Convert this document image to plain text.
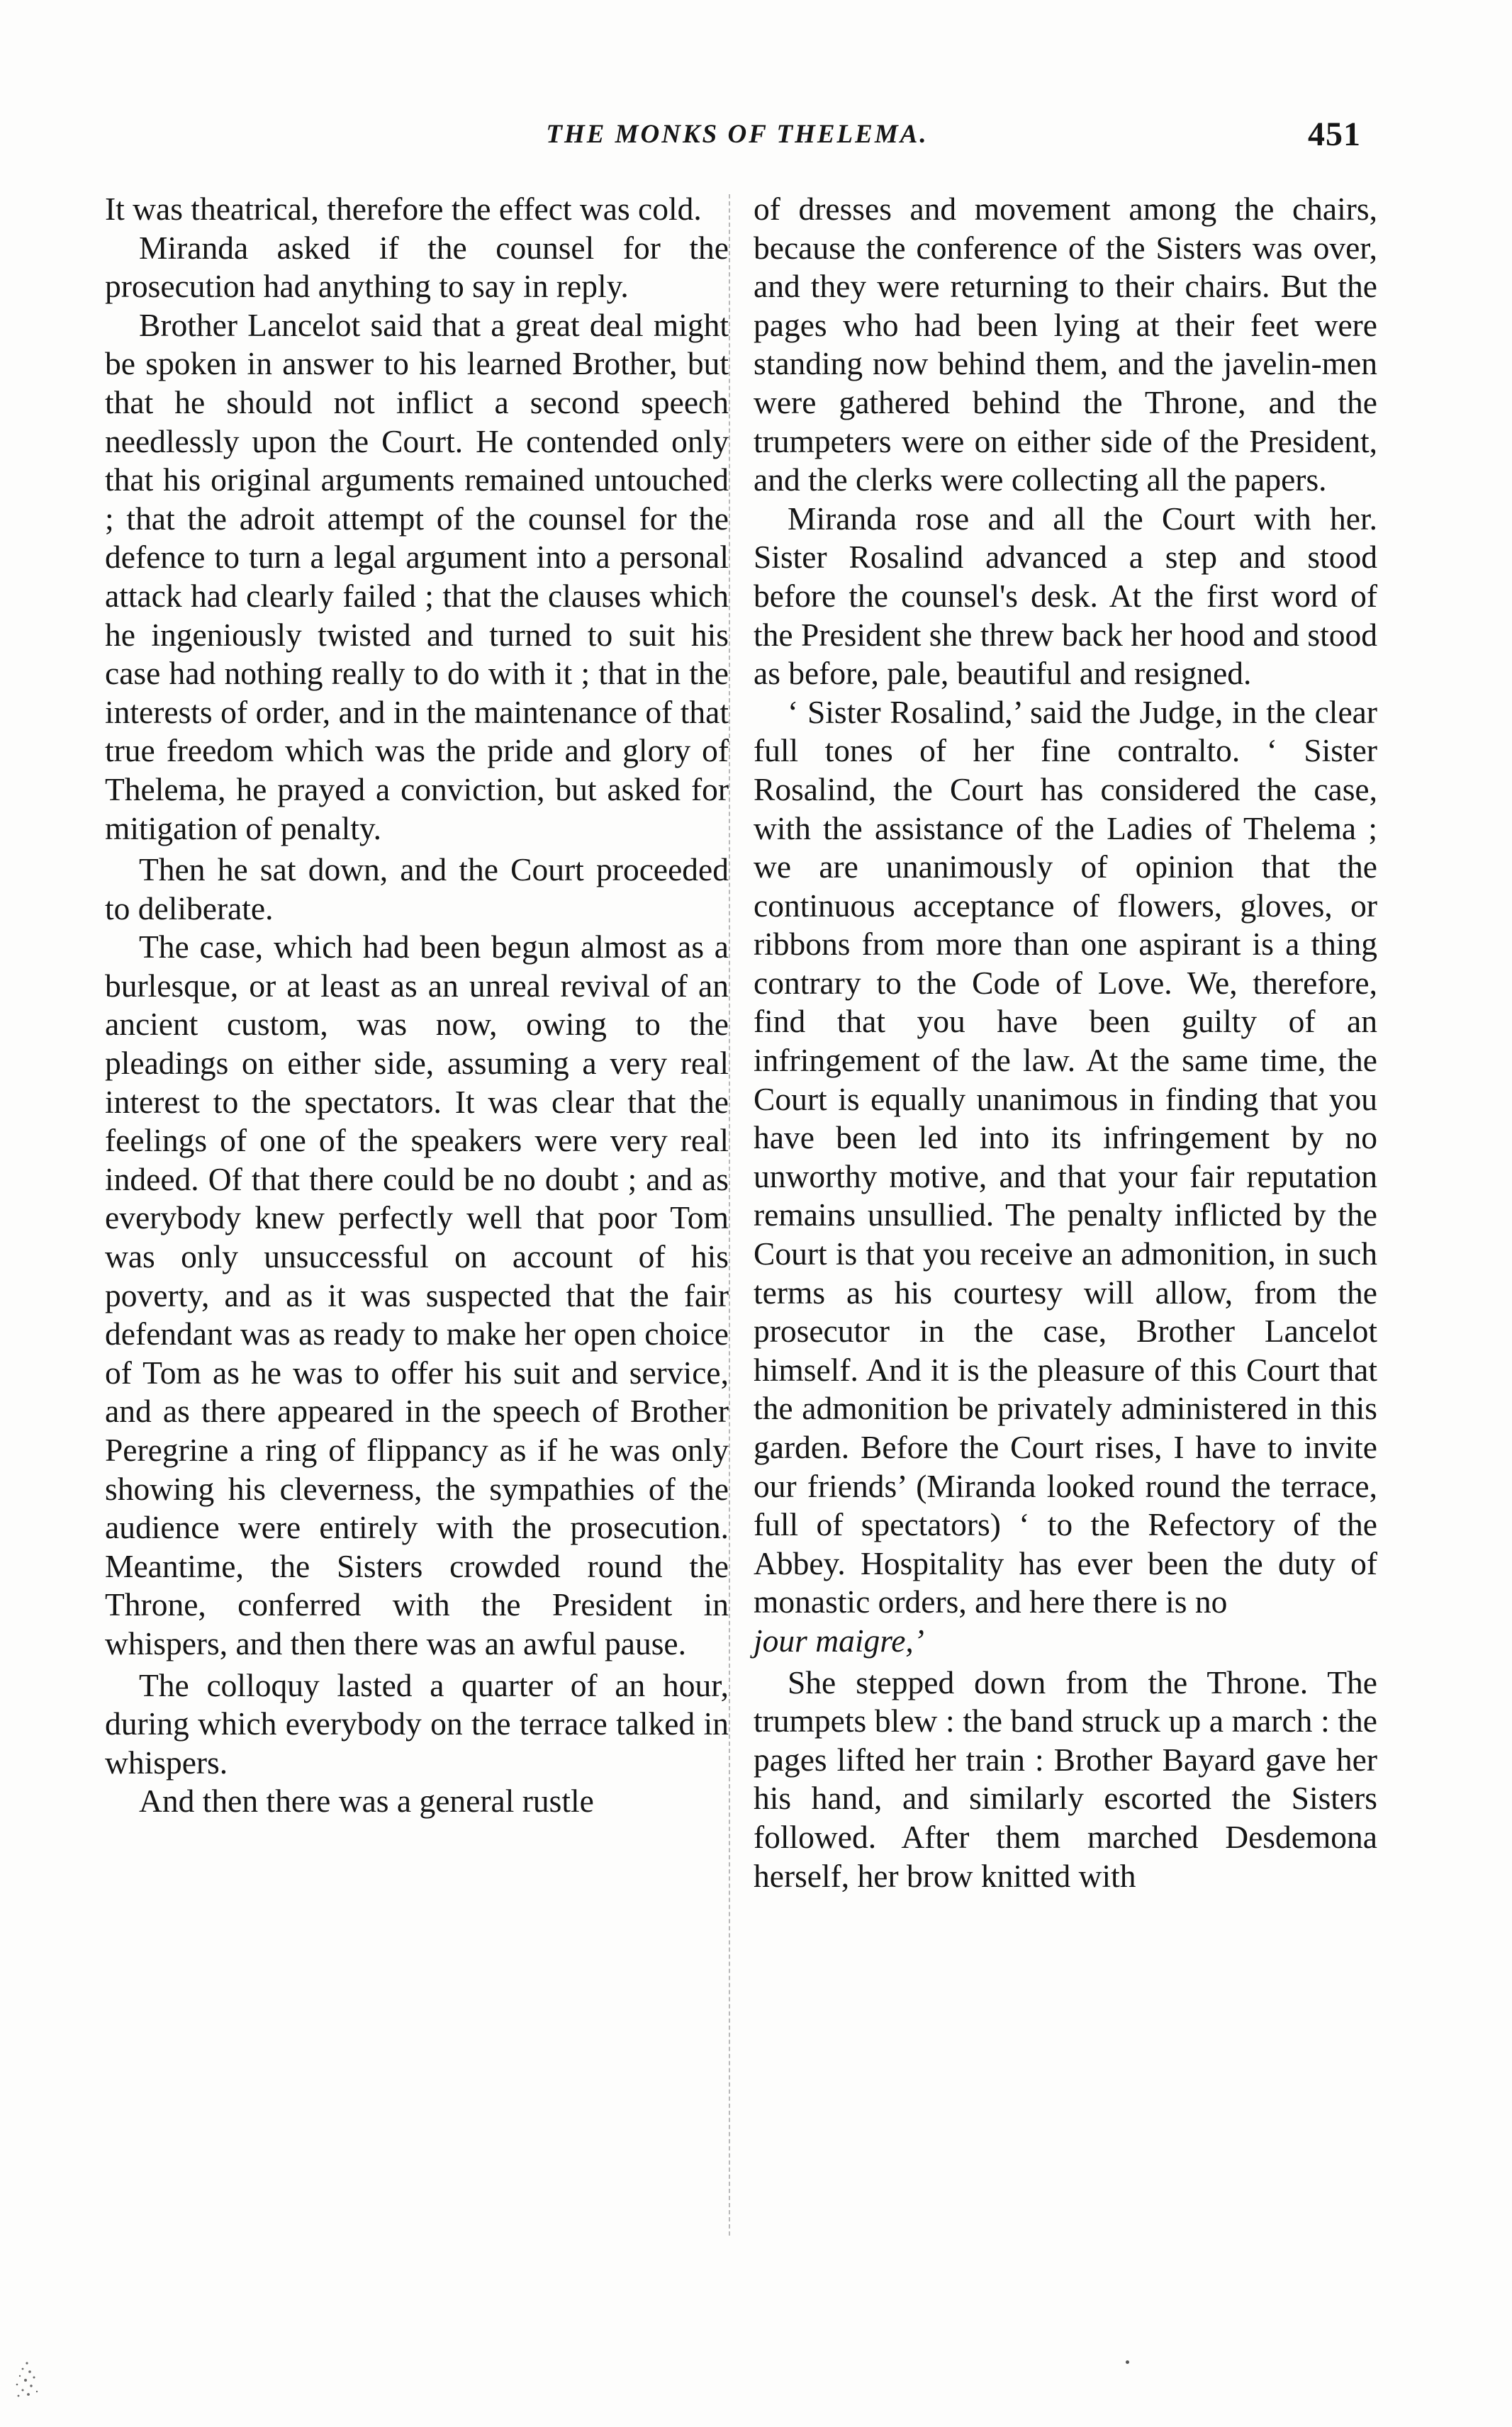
THE MONKS OF THELEMA.	451

It was theatrical, therefore the effect was cold.

Miranda asked if the counsel for the prosecution had anything to say in reply.

Brother Lancelot said that a great deal might be spoken in answer to his learned Brother, but that he should not inflict a second speech needlessly upon the Court. He contended only that his original arguments remained untouched ; that the adroit attempt of the counsel for the defence to turn a legal argument into a personal attack had clearly failed ; that the clauses which he ingeniously twisted and turned to suit his case had nothing really to do with it ; that in the interests of order, and in the maintenance of that true freedom which was the pride and glory of Thelema, he prayed a conviction, but asked for mitigation of penalty.

Then he sat down, and the Court proceeded to deliberate.

The case, which had been begun almost as a burlesque, or at least as an unreal revival of an ancient custom, was now, owing to the pleadings on either side, assuming a very real interest to the spectators. It was clear that the feelings of one of the speakers were very real indeed. Of that there could be no doubt ; and as everybody knew perfectly well that poor Tom was only unsuccessful on account of his poverty, and as it was suspected that the fair defendant was as ready to make her open choice of Tom as he was to offer his suit and service, and as there appeared in the speech of Brother Peregrine a ring of flippancy as if he was only showing his cleverness, the sympathies of the audience were entirely with the prosecution. Meantime, the Sisters crowded round the Throne, conferred with the President in whispers, and then there was an awful pause.

The colloquy lasted a quarter of an hour, during which everybody on the terrace talked in whispers.

And then there was a general rustle

of dresses and movement among the chairs, because the conference of the Sisters was over, and they were returning to their chairs. But the pages who had been lying at their feet were standing now behind them, and the javelin-men were gathered behind the Throne, and the trumpeters were on either side of the President, and the clerks were collecting all the papers.

Miranda rose and all the Court with her. Sister Rosalind advanced a step and stood before the counsel's desk. At the first word of the President she threw back her hood and stood as before, pale, beautiful and resigned.

‘ Sister Rosalind,’ said the Judge, in the clear full tones of her fine contralto. ‘ Sister Rosalind, the Court has considered the case, with the assistance of the Ladies of Thelema ; we are unanimously of opinion that the continuous acceptance of flowers, gloves, or ribbons from more than one aspirant is a thing contrary to the Code of Love. We, therefore, find that you have been guilty of an infringement of the law. At the same time, the Court is equally unanimous in finding that you have been led into its infringement by no unworthy motive, and that your fair reputation remains unsullied. The penalty inflicted by the Court is that you receive an admonition, in such terms as his courtesy will allow, from the prosecutor in the case, Brother Lancelot himself. And it is the pleasure of this Court that the admonition be privately administered in this garden. Before the Court rises, I have to invite our friends’ (Miranda looked round the terrace, full of spectators) ‘ to the Refectory of the Abbey. Hospitality has ever been the duty of monastic orders, and here there is no

jour maigre,’

She stepped down from the Throne. The trumpets blew : the band struck up a march : the pages lifted her train : Brother Bayard gave her his hand, and similarly escorted the Sisters followed. After them marched Desdemona herself, her brow knitted with
